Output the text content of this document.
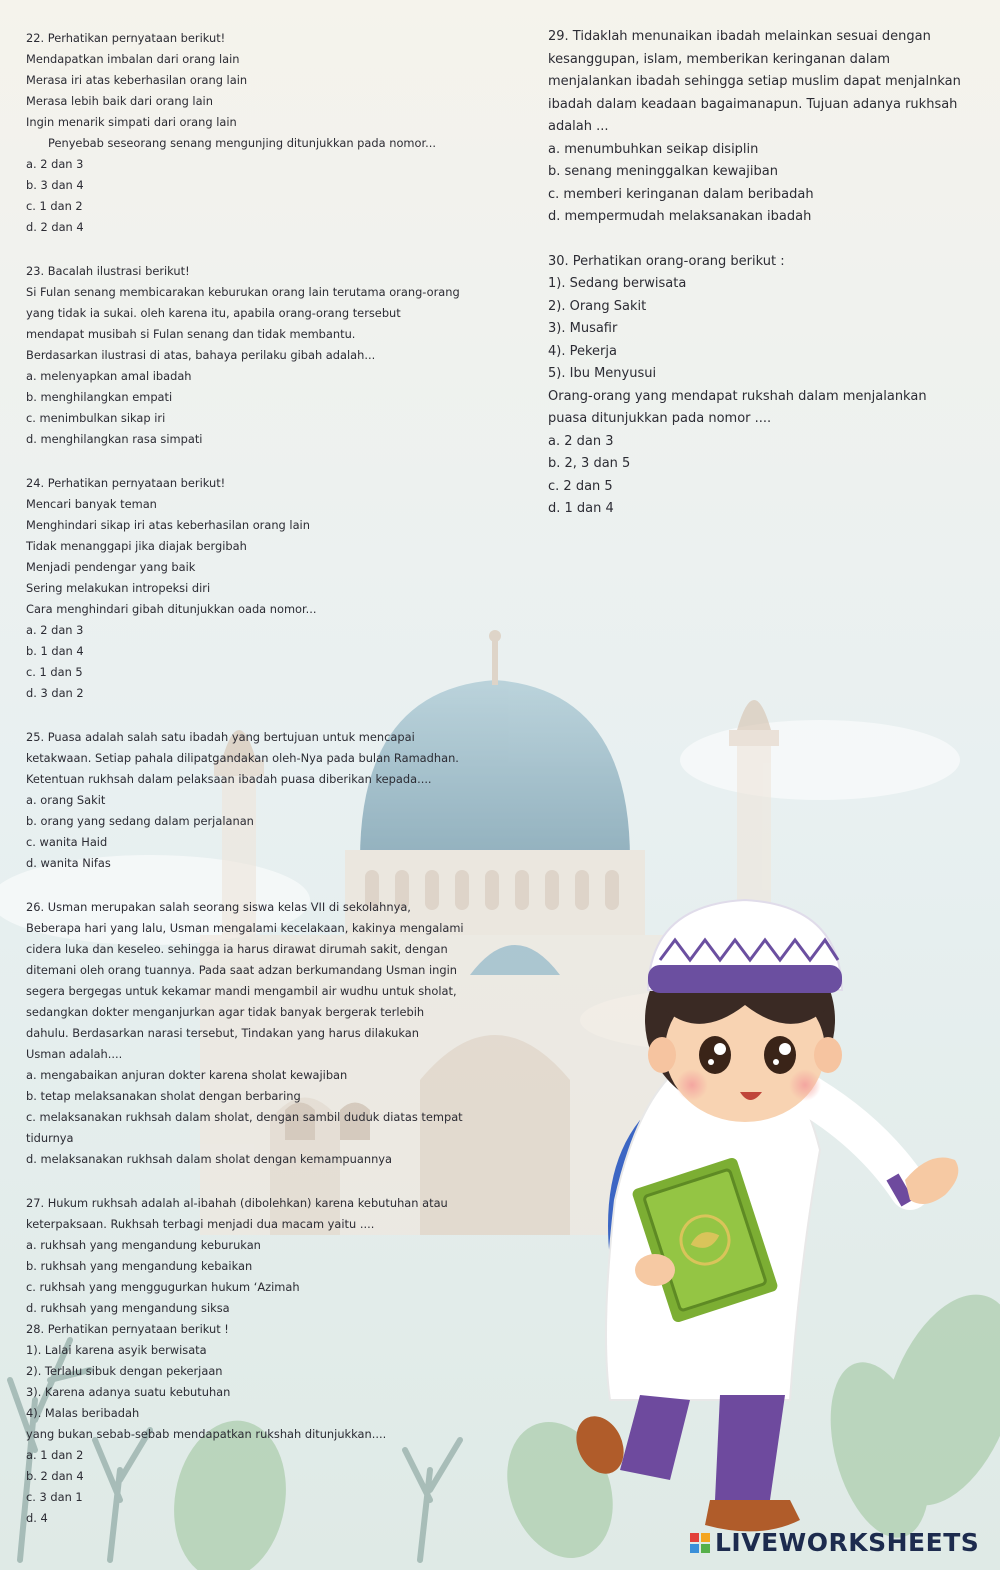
22. Perhatikan pernyataan berikut!
Mendapatkan imbalan dari orang lain
Merasa iri atas keberhasilan orang lain
Merasa lebih baik dari orang lain
Ingin menarik simpati dari orang lain
Penyebab seseorang senang mengunjing ditunjukkan pada nomor...
a. 2 dan 3
b. 3 dan 4
c. 1 dan 2
d. 2 dan 4
23. Bacalah ilustrasi berikut!
Si Fulan senang membicarakan keburukan orang lain terutama orang-orang
yang tidak ia sukai. oleh karena itu, apabila orang-orang tersebut
mendapat musibah si Fulan senang dan tidak membantu.
Berdasarkan ilustrasi di atas, bahaya perilaku gibah adalah...
a. melenyapkan amal ibadah
b. menghilangkan empati
c. menimbulkan sikap iri
d. menghilangkan rasa simpati
24. Perhatikan pernyataan berikut!
Mencari banyak teman
Menghindari sikap iri atas keberhasilan orang lain
Tidak menanggapi jika diajak bergibah
Menjadi pendengar yang baik
Sering melakukan intropeksi diri
Cara menghindari gibah ditunjukkan oada nomor...
a. 2 dan 3
b. 1 dan 4
c. 1 dan 5
d. 3 dan 2
25. Puasa adalah salah satu ibadah yang bertujuan untuk mencapai
ketakwaan. Setiap pahala dilipatgandakan oleh-Nya pada bulan Ramadhan.
Ketentuan rukhsah dalam pelaksaan ibadah puasa diberikan kepada....
a. orang Sakit
b. orang yang sedang dalam perjalanan
c. wanita Haid
d. wanita Nifas
26. Usman merupakan salah seorang siswa kelas VII di sekolahnya,
Beberapa hari yang lalu, Usman mengalami kecelakaan, kakinya mengalami
cidera luka dan keseleo. sehingga ia harus dirawat dirumah sakit, dengan
ditemani oleh orang tuannya. Pada saat adzan berkumandang Usman ingin
segera bergegas untuk kekamar mandi mengambil air wudhu untuk sholat,
sedangkan dokter menganjurkan agar tidak banyak bergerak terlebih
dahulu. Berdasarkan narasi tersebut, Tindakan yang harus dilakukan
Usman adalah....
a. mengabaikan anjuran dokter karena sholat kewajiban
b. tetap melaksanakan sholat dengan berbaring
c. melaksanakan rukhsah dalam sholat, dengan sambil duduk diatas tempat
tidurnya
d. melaksanakan rukhsah dalam sholat dengan kemampuannya
27. Hukum rukhsah adalah al-ibahah (dibolehkan) karena kebutuhan atau
keterpaksaan. Rukhsah terbagi menjadi dua macam yaitu ....
a. rukhsah yang mengandung keburukan
b. rukhsah yang mengandung kebaikan
c. rukhsah yang menggugurkan hukum ‘Azimah
d. rukhsah yang mengandung siksa
28. Perhatikan pernyataan berikut !
1). Lalai karena asyik berwisata
2). Terlalu sibuk dengan pekerjaan
3). Karena adanya suatu kebutuhan
4). Malas beribadah
yang bukan sebab-sebab mendapatkan rukshah ditunjukkan....
a. 1 dan 2
b. 2 dan 4
c. 3 dan 1
d. 4
29. Tidaklah menunaikan ibadah melainkan sesuai dengan
kesanggupan, islam, memberikan keringanan dalam
menjalankan ibadah sehingga setiap muslim dapat menjalnkan
ibadah dalam keadaan bagaimanapun. Tujuan adanya rukhsah
adalah ...
a. menumbuhkan seikap disiplin
b. senang meninggalkan kewajiban
c. memberi keringanan dalam beribadah
d. mempermudah melaksanakan ibadah
30. Perhatikan orang-orang berikut :
1). Sedang berwisata
2). Orang Sakit
3). Musafir
4). Pekerja
5). Ibu Menyusui
Orang-orang yang mendapat rukshah dalam menjalankan
puasa ditunjukkan pada nomor ....
a. 2 dan 3
b. 2, 3 dan 5
c. 2 dan 5
d. 1 dan 4
LIVEWORKSHEETS
